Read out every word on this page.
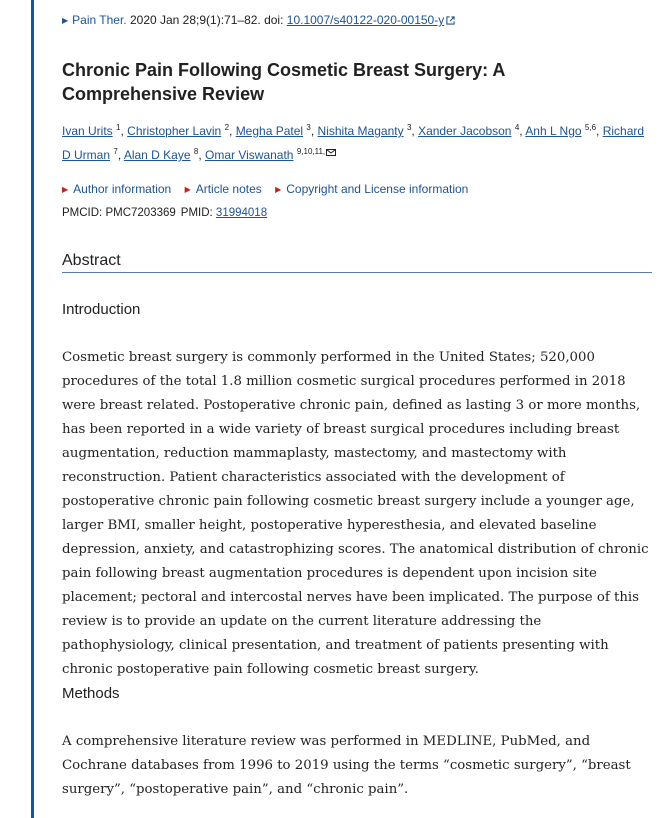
▶ Pain Ther. 2020 Jan 28;9(1):71–82. doi: 10.1007/s40122-020-00150-y
Chronic Pain Following Cosmetic Breast Surgery: A Comprehensive Review
Ivan Urits $^1$, Christopher Lavin $^2$, Megha Patel $^3$, Nishita Maganty $^3$, Xander Jacobson $^4$, Anh L Ngo $^{5,6}$, Richard D Urman $^7$, Alan D Kaye $^8$, Omar Viswanath $^{9,10,11,}$
▶ Author information ▶ Article notes ▶ Copyright and License information
PMCID: PMC7203369 PMID: 31994018
Abstract
Introduction

Cosmetic breast surgery is commonly performed in the United States; 520,000 procedures of the total 1.8 million cosmetic surgical procedures performed in 2018 were breast related. Postoperative chronic pain, defined as lasting 3 or more months, has been reported in a wide variety of breast surgical procedures including breast augmentation, reduction mammaplasty, mastectomy, and mastectomy with reconstruction. Patient characteristics associated with the development of postoperative chronic pain following cosmetic breast surgery include a younger age, larger BMI, smaller height, postoperative hyperesthesia, and elevated baseline depression, anxiety, and catastrophizing scores. The anatomical distribution of chronic pain following breast augmentation procedures is dependent upon incision site placement; pectoral and intercostal nerves have been implicated. The purpose of this review is to provide an update on the current literature addressing the pathophysiology, clinical presentation, and treatment of patients presenting with chronic postoperative pain following cosmetic breast surgery.

Methods

A comprehensive literature review was performed in MEDLINE, PubMed, and Cochrane databases from 1996 to 2019 using the terms “cosmetic surgery”, “breast surgery”, “postoperative pain”, and “chronic pain”.
